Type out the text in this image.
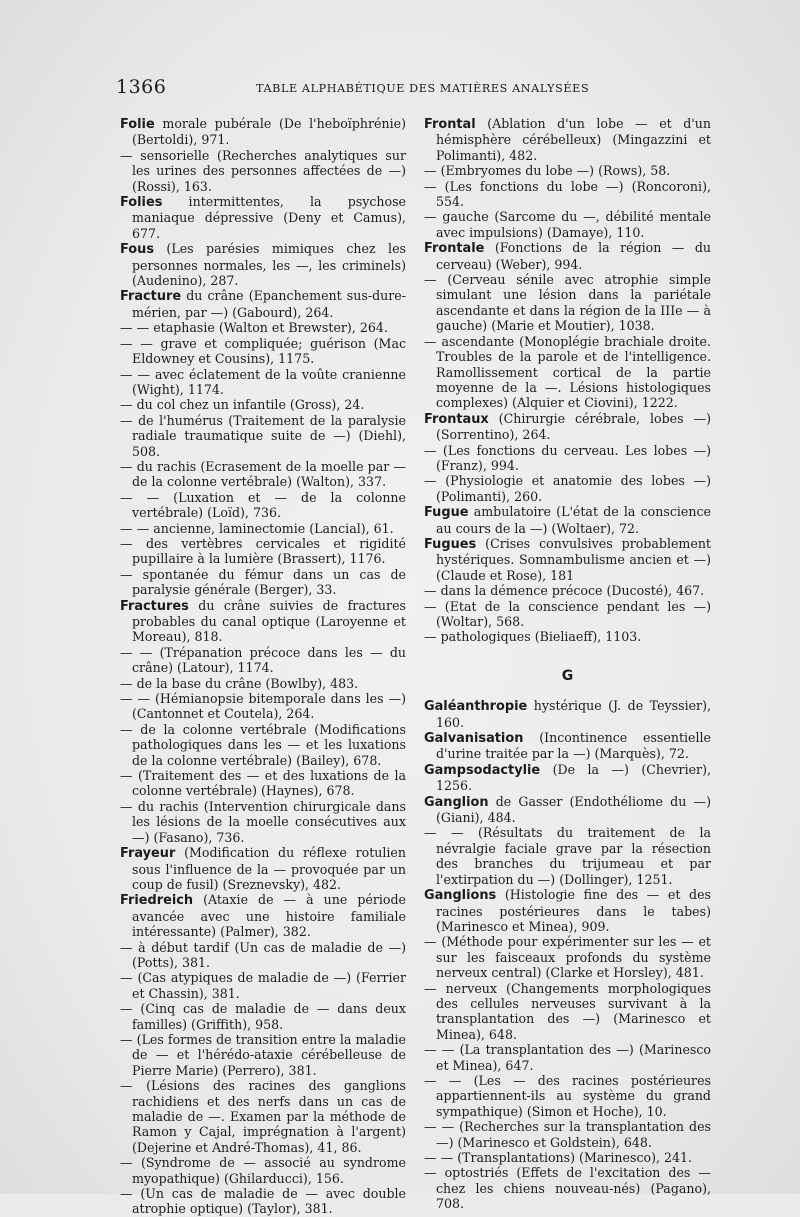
1366	TABLE ALPHABÉTIQUE DES MATIÈRES ANALYSÉES

Folie morale pubérale (De l'heboïphrénie) (Bertoldi), 971.

— sensorielle (Recherches analytiques sur les urines des personnes affectées de —) (Rossi), 163.

Folies intermittentes, la psychose maniaque dépressive (Deny et Camus), 677.

Fous (Les parésies mimiques chez les personnes normales, les —, les criminels) (Audenino), 287.

Fracture du crâne (Epanchement sus-dure-mérien, par —) (Gabourd), 264.

— — etaphasie (Walton et Brewster), 264.

— — grave et compliquée; guérison (Mac Eldowney et Cousins), 1175.

— — avec éclatement de la voûte cranienne (Wight), 1174.

— du col chez un infantile (Gross), 24.

— de l'humérus (Traitement de la paralysie radiale traumatique suite de —) (Diehl), 508.

— du rachis (Ecrasement de la moelle par — de la colonne vertébrale) (Walton), 337.

— — (Luxation et — de la colonne vertébrale) (Loïd), 736.

— — ancienne, laminectomie (Lancial), 61.

— des vertèbres cervicales et rigidité pupillaire à la lumière (Brassert), 1176.

— spontanée du fémur dans un cas de paralysie générale (Berger), 33.

Fractures du crâne suivies de fractures probables du canal optique (Laroyenne et Moreau), 818.

— — (Trépanation précoce dans les — du crâne) (Latour), 1174.

— de la base du crâne (Bowlby), 483.

— — (Hémianopsie bitemporale dans les —) (Cantonnet et Coutela), 264.

— de la colonne vertébrale (Modifications pathologiques dans les — et les luxations de la colonne vertébrale) (Bailey), 678.

— (Traitement des — et des luxations de la colonne vertébrale) (Haynes), 678.

— du rachis (Intervention chirurgicale dans les lésions de la moelle consécutives aux —) (Fasano), 736.

Frayeur (Modification du réflexe rotulien sous l'influence de la — provoquée par un coup de fusil) (Sreznevsky), 482.

Friedreich (Ataxie de — à une période avancée avec une histoire familiale intéressante) (Palmer), 382.

— à début tardif (Un cas de maladie de —) (Potts), 381.

— (Cas atypiques de maladie de —) (Ferrier et Chassin), 381.

— (Cinq cas de maladie de — dans deux familles) (Griffith), 958.

— (Les formes de transition entre la maladie de — et l'hérédo-ataxie cérébelleuse de Pierre Marie) (Perrero), 381.

— (Lésions des racines des ganglions rachidiens et des nerfs dans un cas de maladie de —. Examen par la méthode de Ramon y Cajal, imprégnation à l'argent) (Dejerine et André-Thomas), 41, 86.

— (Syndrome de — associé au syndrome myopathique) (Ghilarducci), 156.

— (Un cas de maladie de — avec double atrophie optique) (Taylor), 381.

Frontal (Ablation d'un lobe — et d'un hémisphère cérébelleux) (Mingazzini et Polimanti), 482.

— (Embryomes du lobe —) (Rows), 58.

— (Les fonctions du lobe —) (Roncoroni), 554.

— gauche (Sarcome du —, débilité mentale avec impulsions) (Damaye), 110.

Frontale (Fonctions de la région — du cerveau) (Weber), 994.

— (Cerveau sénile avec atrophie simple simulant une lésion dans la pariétale ascendante et dans la région de la IIIe — à gauche) (Marie et Moutier), 1038.

— ascendante (Monoplégie brachiale droite. Troubles de la parole et de l'intelligence. Ramollissement cortical de la partie moyenne de la —. Lésions histologiques complexes) (Alquier et Ciovini), 1222.

Frontaux (Chirurgie cérébrale, lobes —) (Sorrentino), 264.

— (Les fonctions du cerveau. Les lobes —) (Franz), 994.

— (Physiologie et anatomie des lobes —) (Polimanti), 260.

Fugue ambulatoire (L'état de la conscience au cours de la —) (Woltaer), 72.

Fugues (Crises convulsives probablement hystériques. Somnambulisme ancien et —) (Claude et Rose), 181

— dans la démence précoce (Ducosté), 467.

— (Etat de la conscience pendant les —) (Woltar), 568.

— pathologiques (Bieliaeff), 1103.

G

Galéanthropie hystérique (J. de Teyssier), 160.

Galvanisation (Incontinence essentielle d'urine traitée par la —) (Marquès), 72.

Gampsodactylie (De la —) (Chevrier), 1256.

Ganglion de Gasser (Endothéliome du —) (Giani), 484.

— — (Résultats du traitement de la névralgie faciale grave par la résection des branches du trijumeau et par l'extirpation du —) (Dollinger), 1251.

Ganglions (Histologie fine des — et des racines postérieures dans le tabes) (Marinesco et Minea), 909.

— (Méthode pour expérimenter sur les — et sur les faisceaux profonds du système nerveux central) (Clarke et Horsley), 481.

— nerveux (Changements morphologiques des cellules nerveuses survivant à la transplantation des —) (Marinesco et Minea), 648.

— — (La transplantation des —) (Marinesco et Minea), 647.

— — (Les — des racines postérieures appartiennent-ils au système du grand sympathique) (Simon et Hoche), 10.

— — (Recherches sur la transplantation des —) (Marinesco et Goldstein), 648.

— — (Transplantations) (Marinesco), 241.

— optostriés (Effets de l'excitation des — chez les chiens nouveau-nés) (Pagano), 708.
